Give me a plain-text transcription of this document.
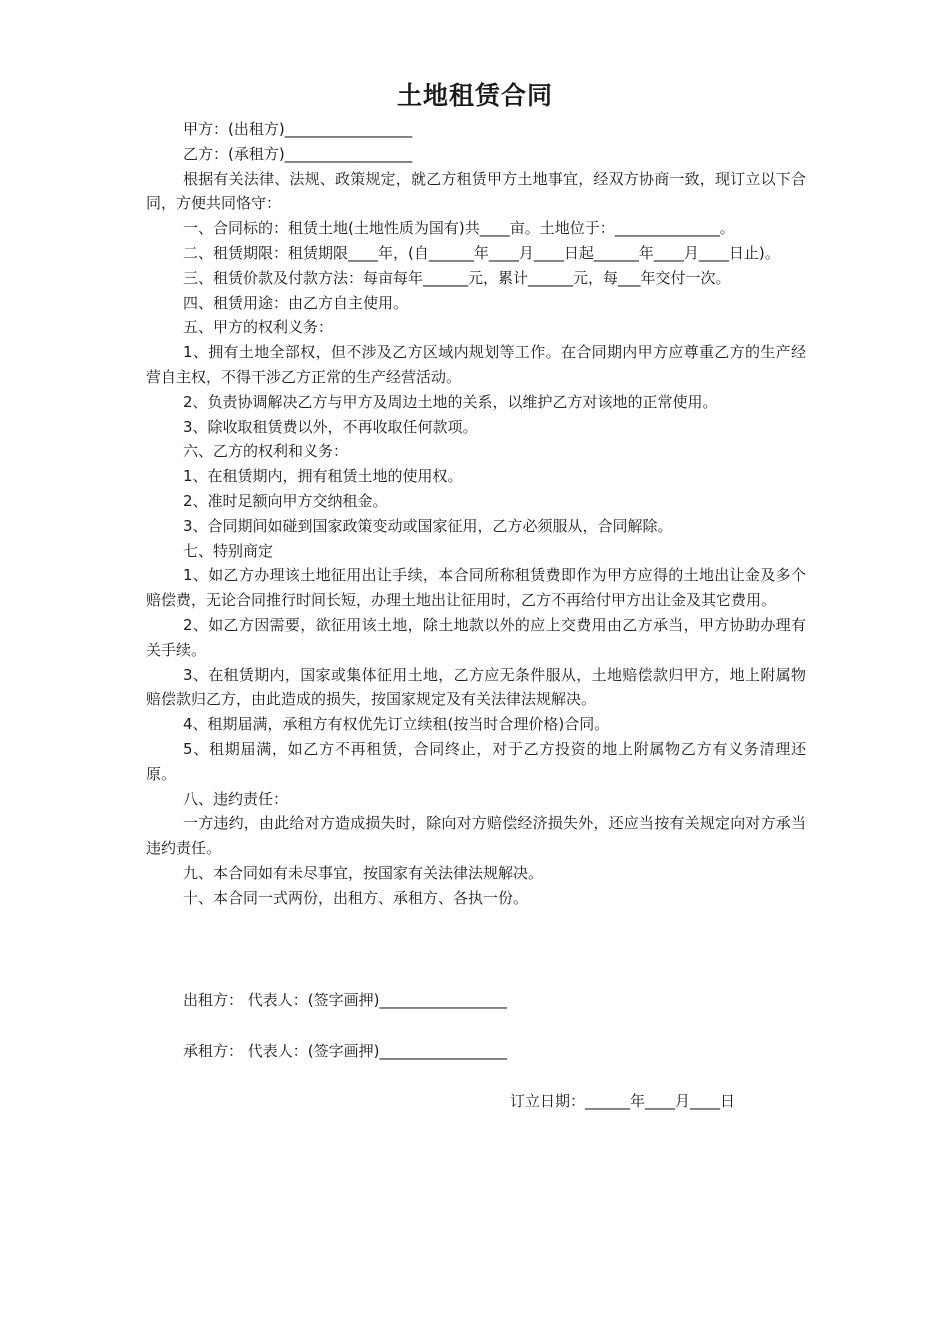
土地租赁合同

甲方：(出租方)_________________

乙方：(承租方)_________________

根据有关法律、法规、政策规定，就乙方租赁甲方土地事宜，经双方协商一致，现订立以下合同，方便共同恪守：

一、合同标的：租赁土地(土地性质为国有)共____亩。土地位于：______________。

二、租赁期限：租赁期限____年，(自______年____月____日起______年____月____日止)。

三、租赁价款及付款方法：每亩每年______元，累计______元，每___年交付一次。

四、租赁用途：由乙方自主使用。

五、甲方的权利义务：

1、拥有土地全部权，但不涉及乙方区域内规划等工作。在合同期内甲方应尊重乙方的生产经营自主权，不得干涉乙方正常的生产经营活动。

2、负责协调解决乙方与甲方及周边土地的关系，以维护乙方对该地的正常使用。

3、除收取租赁费以外，不再收取任何款项。

六、乙方的权利和义务：

1、在租赁期内，拥有租赁土地的使用权。

2、准时足额向甲方交纳租金。

3、合同期间如碰到国家政策变动或国家征用，乙方必须服从，合同解除。

七、特别商定

1、如乙方办理该土地征用出让手续，本合同所称租赁费即作为甲方应得的土地出让金及多个赔偿费，无论合同推行时间长短，办理土地出让征用时，乙方不再给付甲方出让金及其它费用。

2、如乙方因需要，欲征用该土地，除土地款以外的应上交费用由乙方承当，甲方协助办理有关手续。

3、在租赁期内，国家或集体征用土地，乙方应无条件服从，土地赔偿款归甲方，地上附属物赔偿款归乙方，由此造成的损失，按国家规定及有关法律法规解决。

4、租期届满，承租方有权优先订立续租(按当时合理价格)合同。

5、租期届满，如乙方不再租赁，合同终止，对于乙方投资的地上附属物乙方有义务清理还原。

八、违约责任：

一方违约，由此给对方造成损失时，除向对方赔偿经济损失外，还应当按有关规定向对方承当违约责任。

九、本合同如有未尽事宜，按国家有关法律法规解决。

十、本合同一式两份，出租方、承租方、各执一份。

出租方： 代表人：(签字画押)_________________
承租方： 代表人：(签字画押)_________________
订立日期：______年____月____日
